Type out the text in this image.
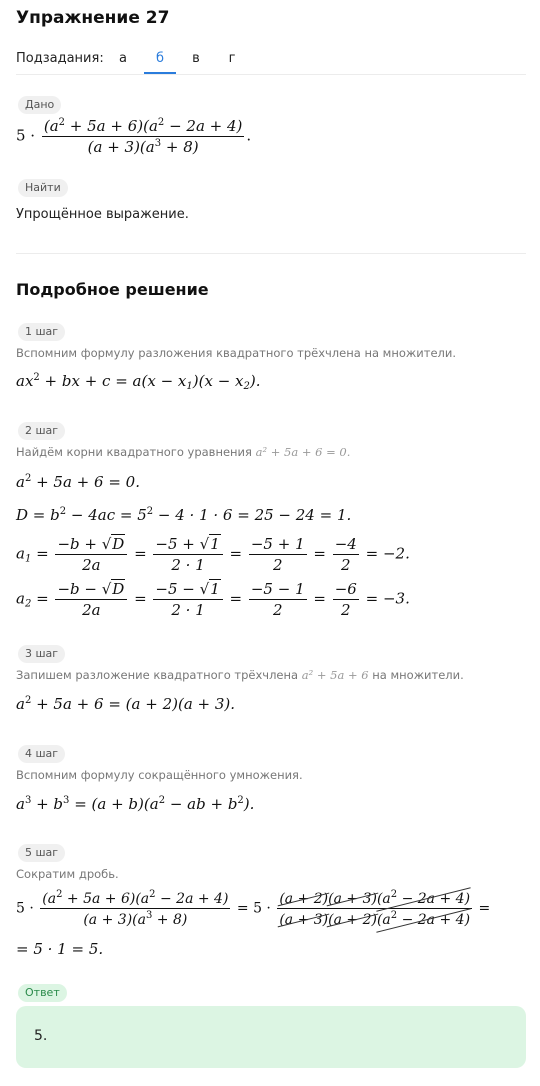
Упражнение 27
Подзадания:	а	б	в	г
Дано
$5 \cdot \frac{(a^2 + 5a + 6)(a^2 - 2a + 4)}{(a + 3)(a^3 + 8)}$ .
Найти
Упрощённое выражение.
Подробное решение
1 шаг
Вспомним формулу разложения квадратного трёхчлена на множители.
$ax^2$ + bx + $c = a(x - x_1)(x - x_2)$.
2 шаг
Найдём корни квадратного уравнения a² + 5a + 6 = 0.
$a^2 + 5a + 6 = 0$.
$D = b^2 - 4ac = 5^2 - 4 \cdot 1 \cdot 6 = 25 - 24 = 1$.
$a_1 = \frac{-b + √D}{2a} = \frac{-5 + √1}{2 \cdot 1} = \frac{-5 + 1}{2} = \frac{-4}{2} = -2$.
$a_2 = \frac{-b - √D}{2a} = \frac{-5 - √1}{2 \cdot 1} = \frac{-5 - 1}{2} = \frac{-6}{2} = -3$.
3 шаг
Запишем разложение квадратного трёхчлена a² + 5a + 6 на множители.
$a^2 + 5a + 6 = (a + 2)(a + 3)$.
4 шаг
Вспомним формулу сокращённого умножения.
$a^3 + b^3 = (a + b)(a^2$ − ab + $b^2$).
5 шаг
Сократим дробь.
$5 \cdot \frac{(a^2 + 5a + 6)(a^2 - 2a + 4)}{(a + 3)(a^3 + 8)} = 5 \cdot \frac{(a + 2)(a + 3)(a^2 - 2a + 4)}{(a + 3)(a + 2)(a^2 - 2a + 4)}$ =
= 5 · 1 = 5.
Ответ
5.
